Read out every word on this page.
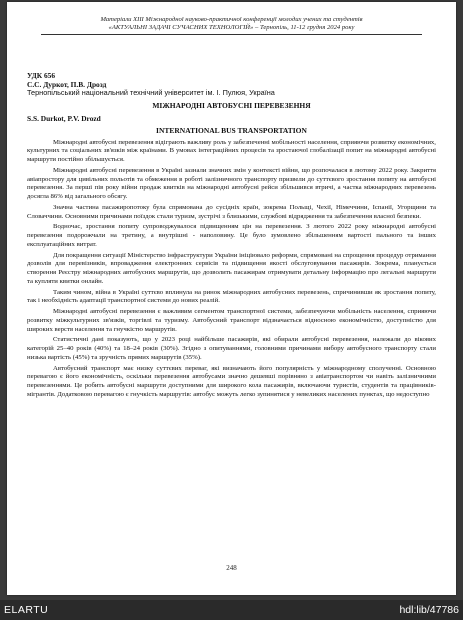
Матеріали XIII Міжнародної науково-практичної конференції молодих учених та студентів
«АКТУАЛЬНІ ЗАДАЧІ СУЧАСНИХ ТЕХНОЛОГІЙ» – Тернопіль, 11-12 грудня 2024 року
УДК 656
С.С. Дуркот, П.В. Дрозд
Тернопільський національний технічний університет ім. І. Пулюя, Україна
МІЖНАРОДНІ АВТОБУСНІ ПЕРЕВЕЗЕННЯ
S.S. Durkot, P.V. Drozd
INTERNATIONAL BUS TRANSPORTATION

Міжнародні автобусні перевезення відіграють важливу роль у забезпеченні мобільності населення, сприяючи розвитку економічних, культурних та соціальних зв'язків між країнами. В умовах інтеграційних процесів та зростаючої глобалізації попит на міжнародні автобусні маршрути постійно збільшується.

Міжнародні автобусні перевезення в Україні зазнали значних змін у контексті війни, що розпочалася в лютому 2022 року. Закриття авіапростору для цивільних польотів та обмеження в роботі залізничного транспорту призвели до суттєвого зростання попиту на автобусні перевезення. За перші пів року війни продаж квитків на міжнародні автобусні рейси збільшився втричі, а частка міжнародних перевезень досягла 86% від загального обсягу.

Значна частина пасажиропотоку була спрямована до сусідніх країн, зокрема Польщі, Чехії, Німеччини, Іспанії, Угорщини та Словаччини. Основними причинами поїздок стали туризм, зустрічі з близькими, службові відрядження та забезпечення власної безпеки.

Водночас, зростання попиту супроводжувалося підвищенням цін на перевезення. З лютого 2022 року міжнародні автобусні перевезення подорожчали на третину, а внутрішні - наполовину. Це було зумовлено збільшенням вартості пального та інших експлуатаційних витрат.

Для покращення ситуації Міністерство інфраструктури України ініціювало реформи, спрямовані на спрощення процедур отримання дозволів для перевізників, впровадження електронних сервісів та підвищення якості обслуговування пасажирів. Зокрема, планується створення Реєстру міжнародних автобусних маршрутів, що дозволить пасажирам отримувати детальну інформацію про легальні маршрути та купляти квитки онлайн.

Таким чином, війна в Україні суттєво вплинула на ринок міжнародних автобусних перевезень, спричинивши як зростання попиту, так і необхідність адаптації транспортної системи до нових реалій.

Міжнародні автобусні перевезення є важливим сегментом транспортної системи, забезпечуючи мобільність населення, сприяючи розвитку міжкультурних зв'язків, торгівлі та туризму. Автобусний транспорт відзначається відносною економічністю, доступністю для широких верств населення та гнучкістю маршрутів.

Статистичні дані показують, що у 2023 році найбільше пасажирів, які обирали автобусні перевезення, належали до вікових категорій 25–40 років (40%) та 18–24 років (30%). Згідно з опитуваннями, головними причинами вибору автобусного транспорту стали низька вартість (45%) та зручність прямих маршрутів (35%).

Автобусний транспорт має низку суттєвих переваг, які визначають його популярність у міжнародному сполученні. Основною перевагою є його економічність, оскільки перевезення автобусами значно дешевші порівняно з авіатранспортом чи навіть залізничними перевезеннями. Це робить автобусні маршрути доступними для широкого кола пасажирів, включаючи туристів, студентів та працівників-мігрантів. Додатковою перевагою є гнучкість маршрутів: автобус можуть легко зупинятися у невеликих населених пунктах, що недоступно

248
ELARTU	hdl:lib/47786
